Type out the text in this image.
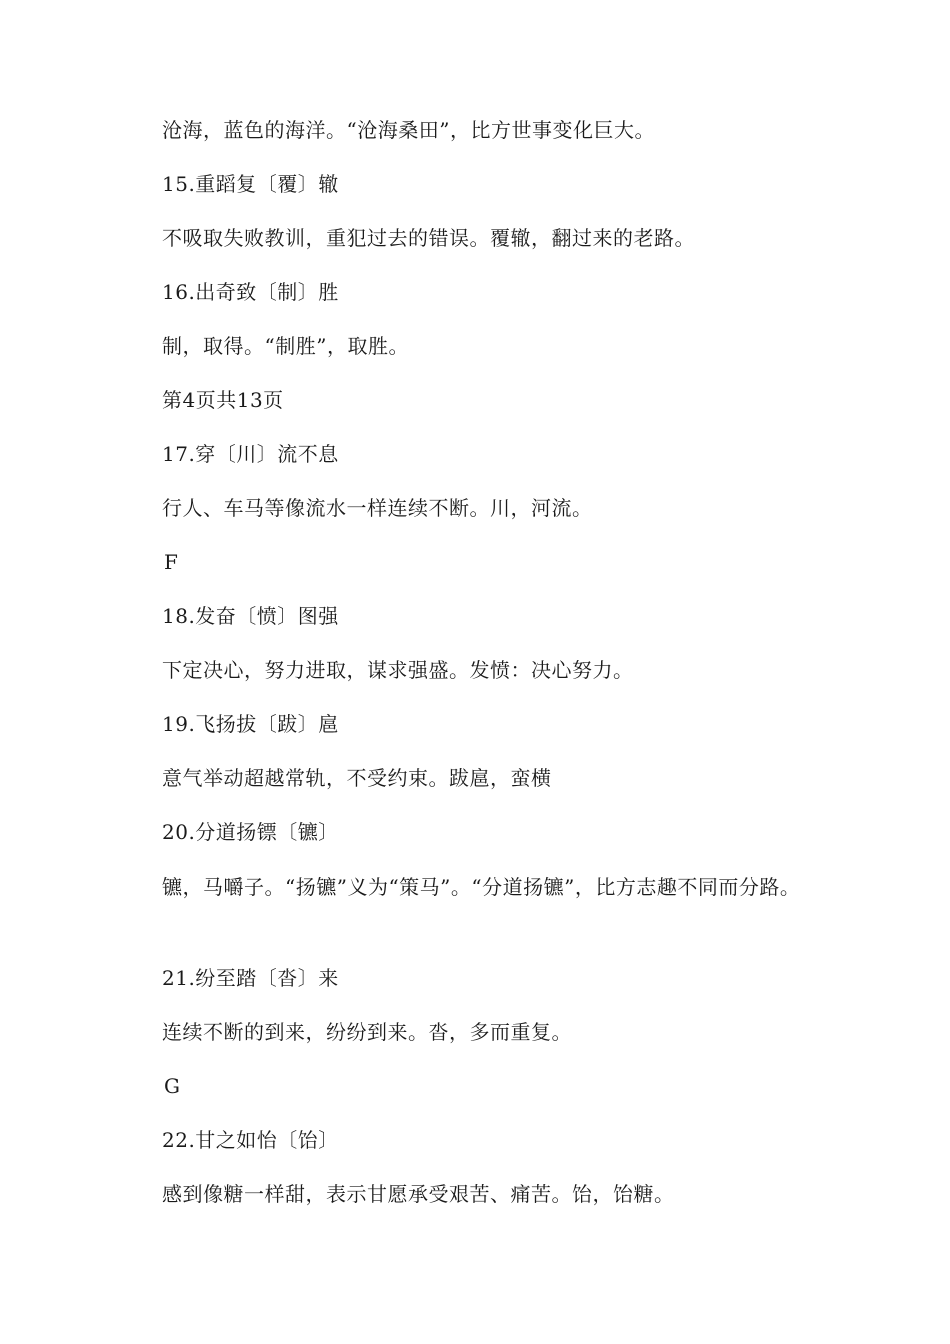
沧海，蓝色的海洋。“沧海桑田”，比方世事变化巨大。
15.重蹈复〔覆〕辙
不吸取失败教训，重犯过去的错误。覆辙，翻过来的老路。
16.出奇致〔制〕胜
制，取得。“制胜”，取胜。
第4页共13页
17.穿〔川〕流不息
行人、车马等像流水一样连续不断。川，河流。
F
18.发奋〔愤〕图强
下定决心，努力进取，谋求强盛。发愤：决心努力。
19.飞扬拔〔跋〕扈
意气举动超越常轨，不受约束。跋扈，蛮横
20.分道扬镖〔镳〕
镳，马嚼子。“扬镳”义为“策马”。“分道扬镳”，比方志趣不同而分路。
21.纷至踏〔沓〕来
连续不断的到来，纷纷到来。沓，多而重复。
G
22.甘之如怡〔饴〕
感到像糖一样甜，表示甘愿承受艰苦、痛苦。饴，饴糖。
